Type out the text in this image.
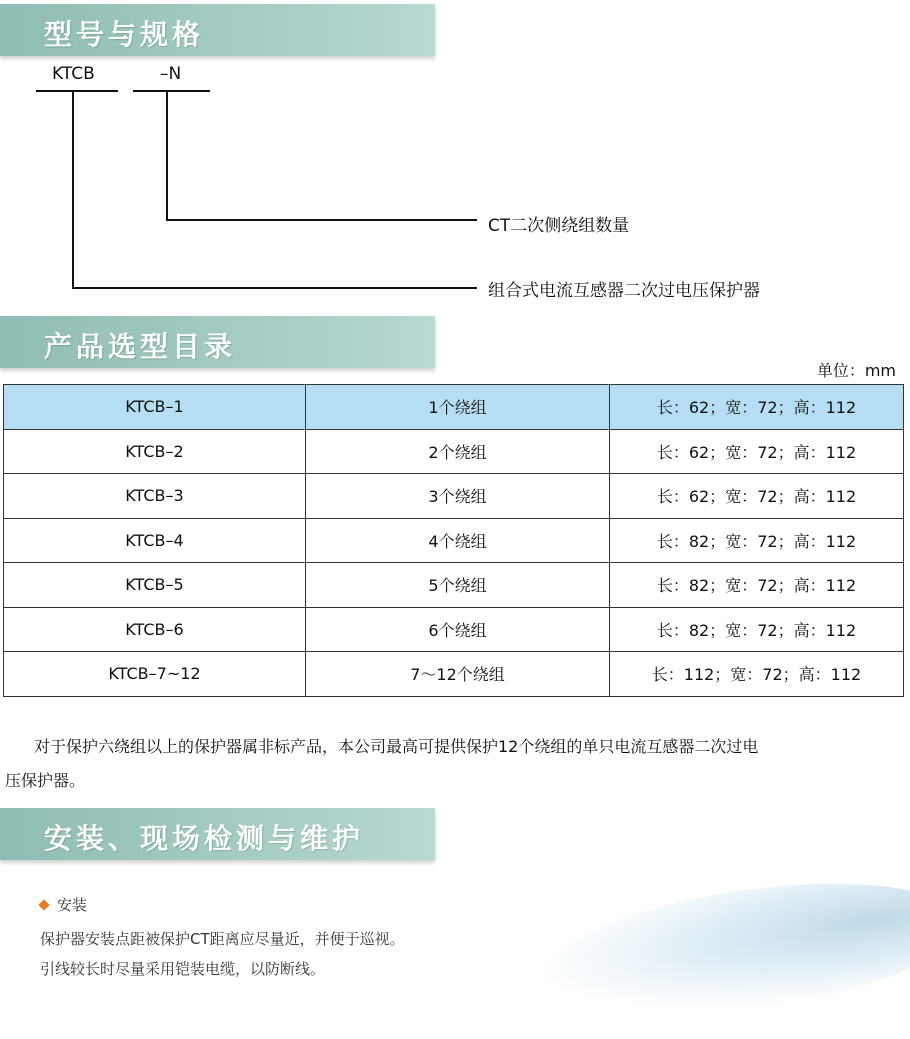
型号与规格
KTCB	–N
CT二次侧绕组数量
组合式电流互感器二次过电压保护器
产品选型目录
单位：mm
KTCB–1	1个绕组	长：62；宽：72；高：112
KTCB–2	2个绕组	长：62；宽：72；高：112
KTCB–3	3个绕组	长：62；宽：72；高：112
KTCB–4	4个绕组	长：82；宽：72；高：112
KTCB–5	5个绕组	长：82；宽：72；高：112
KTCB–6	6个绕组	长：82；宽：72；高：112
KTCB–7~12	7～12个绕组	长：112；宽：72；高：112
对于保护六绕组以上的保护器属非标产品，本公司最高可提供保护12个绕组的单只电流互感器二次过电
压保护器。
安装、现场检测与维护
安装
保护器安装点距被保护CT距离应尽量近，并便于巡视。
引线较长时尽量采用铠装电缆，以防断线。
